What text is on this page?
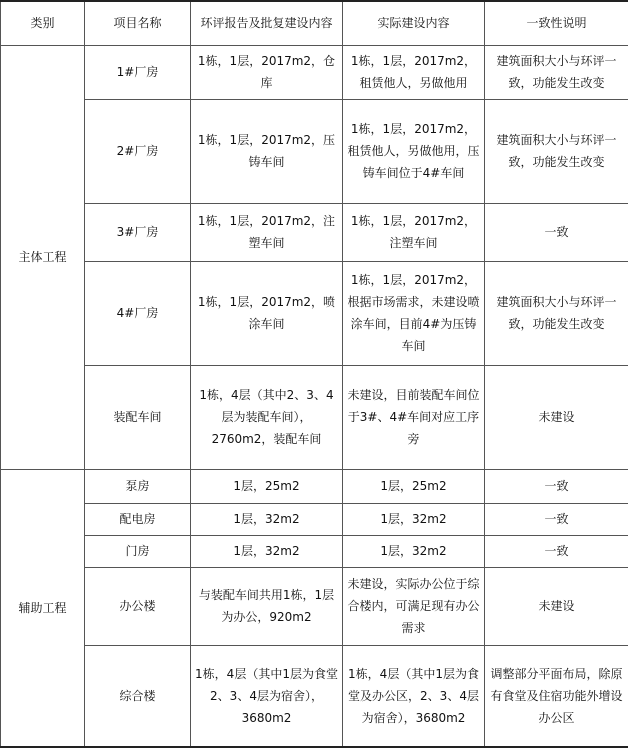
类别	项目名称	环评报告及批复建设内容	实际建设内容	一致性说明
主体工程	1#厂房	1栋，1层，2017m2，仓库	1栋，1层，2017m2，租赁他人，另做他用	建筑面积大小与环评一致，功能发生改变
	2#厂房	1栋，1层，2017m2，压铸车间	1栋，1层，2017m2，租赁他人，另做他用，压铸车间位于4#车间	建筑面积大小与环评一致，功能发生改变
	3#厂房	1栋，1层，2017m2，注塑车间	1栋，1层，2017m2，注塑车间	一致
	4#厂房	1栋，1层，2017m2，喷涂车间	1栋，1层，2017m2，根据市场需求，未建设喷涂车间，目前4#为压铸车间	建筑面积大小与环评一致，功能发生改变
	装配车间	1栋，4层（其中2、3、4层为装配车间），2760m2，装配车间	未建设，目前装配车间位于3#、4#车间对应工序旁	未建设
辅助工程	泵房	1层，25m2	1层，25m2	一致
	配电房	1层，32m2	1层，32m2	一致
	门房	1层，32m2	1层，32m2	一致
	办公楼	与装配车间共用1栋，1层为办公，920m2	未建设，实际办公位于综合楼内，可满足现有办公需求	未建设
	综合楼	1栋，4层（其中1层为食堂2、3、4层为宿舍），3680m2	1栋，4层（其中1层为食堂及办公区，2、3、4层为宿舍），3680m2	调整部分平面布局，除原有食堂及住宿功能外增设办公区
